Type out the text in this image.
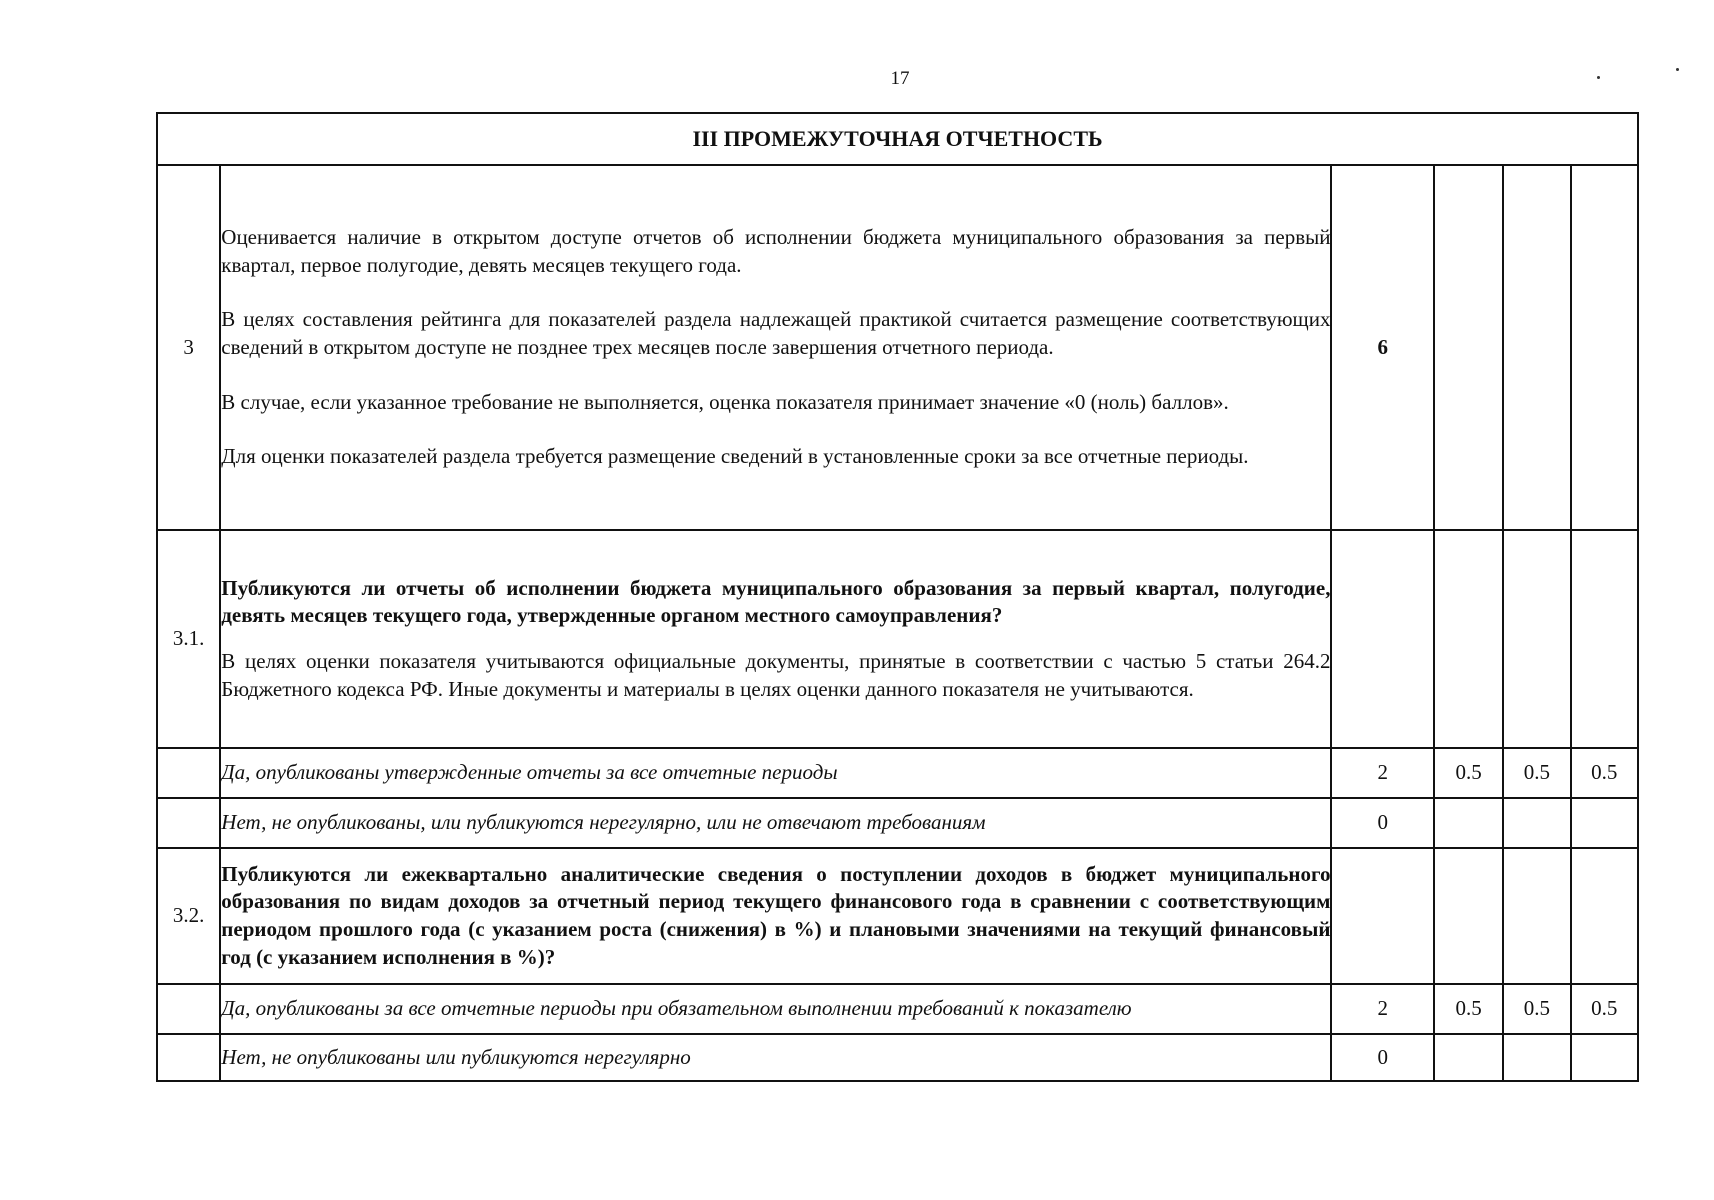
17
III ПРОМЕЖУТОЧНАЯ ОТЧЕТНОСТЬ					
3	Оценивается наличие в открытом доступе отчетов об исполнении бюджета муниципального образования за первый квартал, первое полугодие, девять месяцев текущего года.

В целях составления рейтинга для показателей раздела надлежащей практикой считается размещение соответствующих сведений в открытом доступе не позднее трех месяцев после завершения отчетного периода.

В случае, если указанное требование не выполняется, оценка показателя принимает значение «0 (ноль) баллов».

Для оценки показателей раздела требуется размещение сведений в установленные сроки за все отчетные периоды.	6			
3.1.	Публикуются ли отчеты об исполнении бюджета муниципального образования за первый квартал, полугодие, девять месяцев текущего года, утвержденные органом местного самоуправления?

В целях оценки показателя учитываются официальные документы, принятые в соответствии с частью 5 статьи 264.2 Бюджетного кодекса РФ. Иные документы и материалы в целях оценки данного показателя не учитываются.				

	Да, опубликованы утвержденные отчеты за все отчетные периоды	2	0.5	0.5	0.5
	Нет, не опубликованы, или публикуются нерегулярно, или не отвечают требованиям	0			
3.2.	Публикуются ли ежеквартально аналитические сведения о поступлении доходов в бюджет муниципального образования по видам доходов за отчетный период текущего финансового года в сравнении с соответствующим периодом прошлого года (с указанием роста (снижения) в %) и плановыми значениями на текущий финансовый год (с указанием исполнения в %)?				
	Да, опубликованы за все отчетные периоды при обязательном выполнении требований к показателю	2	0.5	0.5	0.5
	Нет, не опубликованы или публикуются нерегулярно	0			
